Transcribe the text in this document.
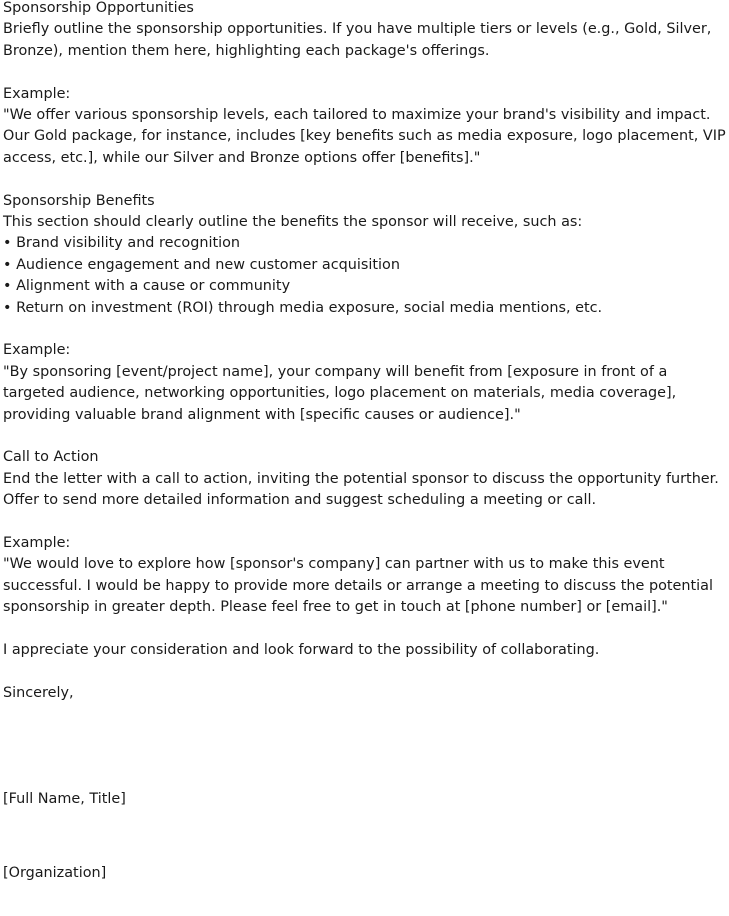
Sponsorship Opportunities

Briefly outline the sponsorship opportunities. If you have multiple tiers or levels (e.g., Gold, Silver, Bronze), mention them here, highlighting each package's offerings.

Example:

"We offer various sponsorship levels, each tailored to maximize your brand's visibility and impact. Our Gold package, for instance, includes [key benefits such as media exposure, logo placement, VIP access, etc.], while our Silver and Bronze options offer [benefits]."

Sponsorship Benefits

This section should clearly outline the benefits the sponsor will receive, such as:

• Brand visibility and recognition
• Audience engagement and new customer acquisition
• Alignment with a cause or community
• Return on investment (ROI) through media exposure, social media mentions, etc.

Example:

"By sponsoring [event/project name], your company will benefit from [exposure in front of a targeted audience, networking opportunities, logo placement on materials, media coverage], providing valuable brand alignment with [specific causes or audience]."

Call to Action

End the letter with a call to action, inviting the potential sponsor to discuss the opportunity further. Offer to send more detailed information and suggest scheduling a meeting or call.

Example:

"We would love to explore how [sponsor's company] can partner with us to make this event successful. I would be happy to provide more details or arrange a meeting to discuss the potential sponsorship in greater depth. Please feel free to get in touch at [phone number] or [email]."

I appreciate your consideration and look forward to the possibility of collaborating.

Sincerely,

[Full Name, Title]

[Organization]
